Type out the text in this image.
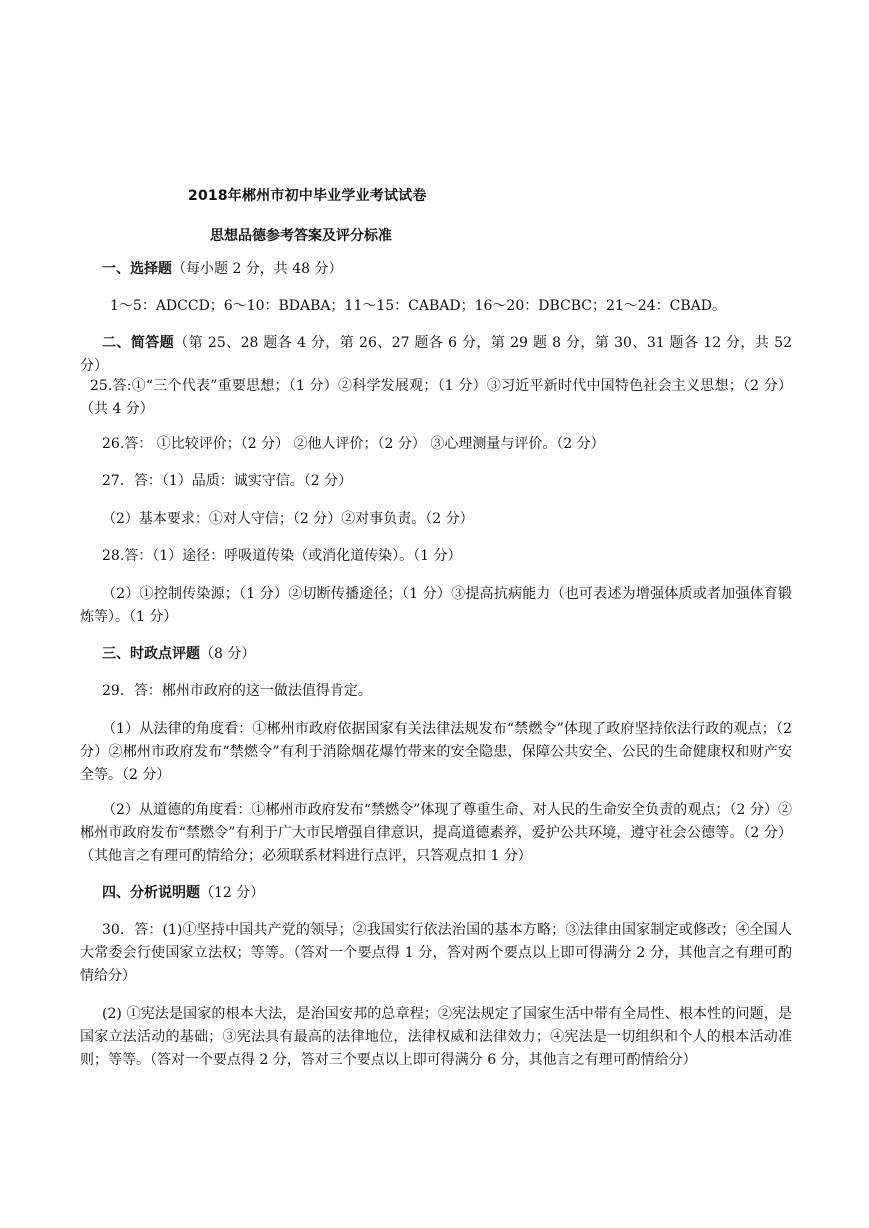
2018年郴州市初中毕业学业考试试卷
思想品德参考答案及评分标准
一、选择题（每小题 2 分，共 48 分）
1～5：ADCCD；6～10：BDABA；11～15：CABAD；16～20：DBCBC；21～24：CBAD。
二、简答题（第 25、28 题各 4 分，第 26、27 题各 6 分，第 29 题 8 分，第 30、31 题各 12 分，共 52 分）
25.答:①“三个代表”重要思想；（1 分）②科学发展观；（1 分）③习近平新时代中国特色社会主义思想；（2 分）（共 4 分）
26.答： ①比较评价；（2 分） ②他人评价；（2 分） ③心理测量与评价。（2 分）
27．答：（1）品质：诚实守信。（2 分）
（2）基本要求：①对人守信；（2 分）②对事负责。（2 分）
28.答：（1）途径：呼吸道传染（或消化道传染）。（1 分）
（2）①控制传染源；（1 分）②切断传播途径；（1 分）③提高抗病能力（也可表述为增强体质或者加强体育锻炼等）。（1 分）
三、时政点评题（8 分）
29．答：郴州市政府的这一做法值得肯定。
（1）从法律的角度看：①郴州市政府依据国家有关法律法规发布“禁燃令”体现了政府坚持依法行政的观点；（2 分）②郴州市政府发布“禁燃令”有利于消除烟花爆竹带来的安全隐患，保障公共安全、公民的生命健康权和财产安全等。（2 分）
（2）从道德的角度看：①郴州市政府发布“禁燃令”体现了尊重生命、对人民的生命安全负责的观点；（2 分）②郴州市政府发布“禁燃令”有利于广大市民增强自律意识，提高道德素养，爱护公共环境，遵守社会公德等。（2 分）（其他言之有理可酌情给分；必须联系材料进行点评，只答观点扣 1 分）
四、分析说明题（12 分）
30．答：(1)①坚持中国共产党的领导；②我国实行依法治国的基本方略；③法律由国家制定或修改；④全国人大常委会行使国家立法权；等等。（答对一个要点得 1 分，答对两个要点以上即可得满分 2 分，其他言之有理可酌情给分）
(2) ①宪法是国家的根本大法，是治国安邦的总章程；②宪法规定了国家生活中带有全局性、根本性的问题，是国家立法活动的基础；③宪法具有最高的法律地位，法律权威和法律效力；④宪法是一切组织和个人的根本活动准则；等等。（答对一个要点得 2 分，答对三个要点以上即可得满分 6 分，其他言之有理可酌情给分）
